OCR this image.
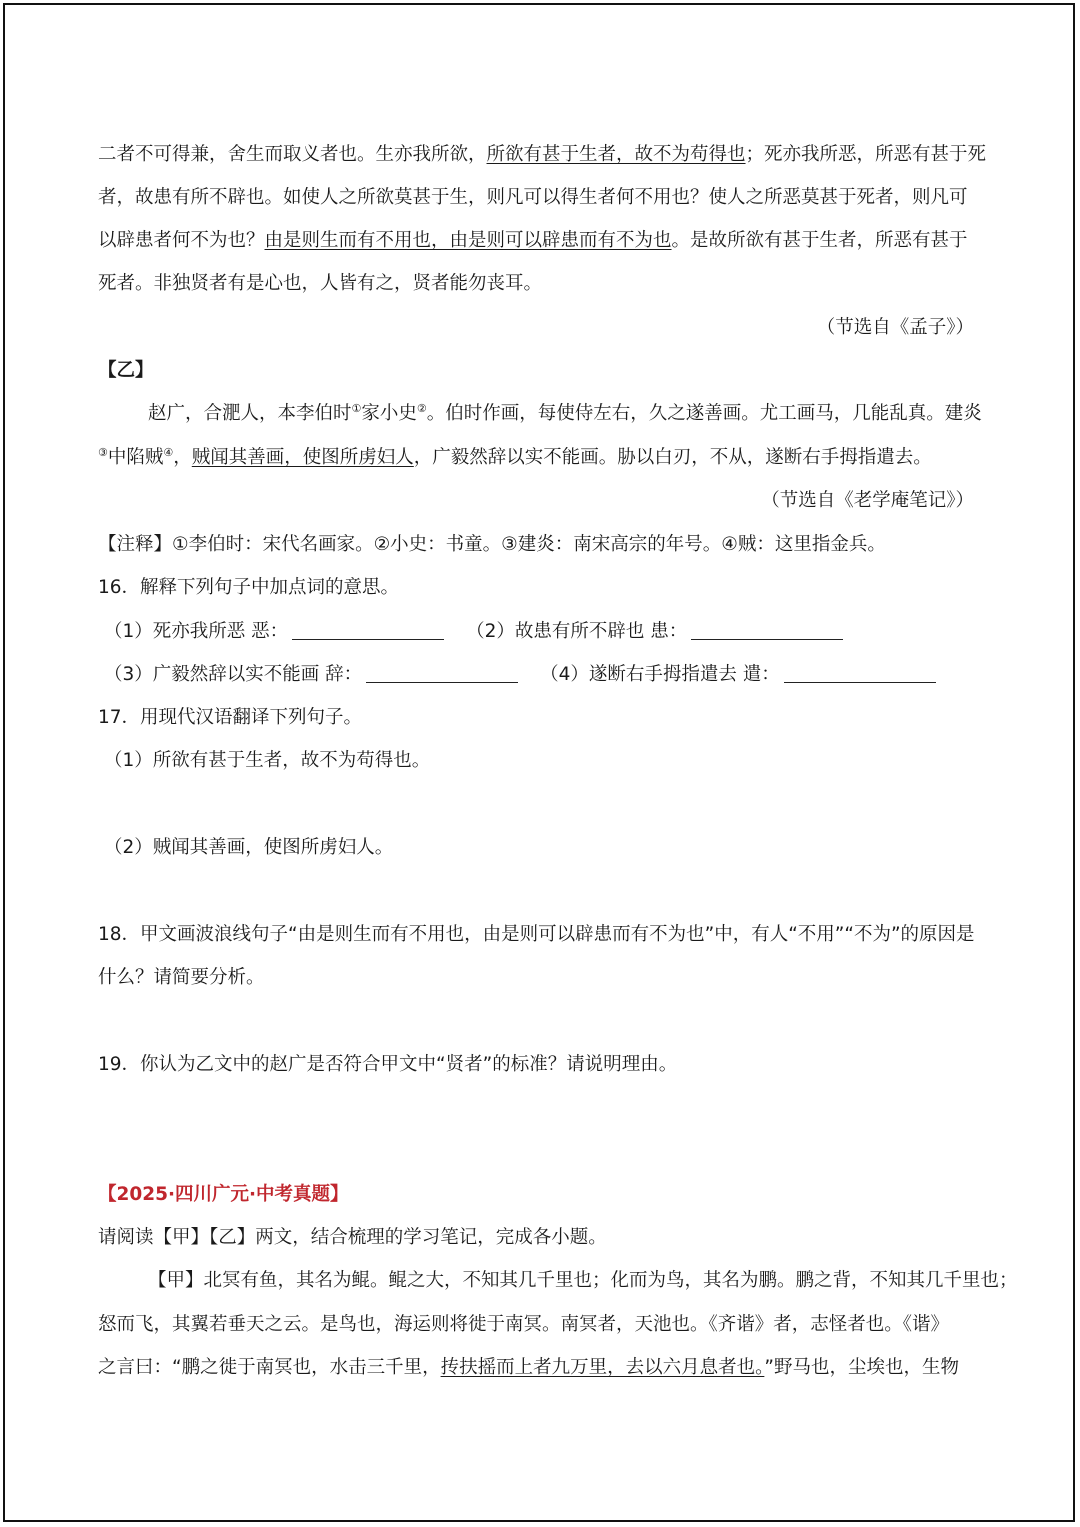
二者不可得兼，舍生而取义者也。生亦我所欲，所欲有甚于生者，故不为苟得也；死亦我所恶，所恶有甚于死
者，故患有所不辟也。如使人之所欲莫甚于生，则凡可以得生者何不用也？使人之所恶莫甚于死者，则凡可
以辟患者何不为也？由是则生而有不用也，由是则可以辟患而有不为也。是故所欲有甚于生者，所恶有甚于
死者。非独贤者有是心也，人皆有之，贤者能勿丧耳。
（节选自《孟子》）
【乙】
赵广，合淝人，本李伯时①家小史②。伯时作画，每使侍左右，久之遂善画。尤工画马，几能乱真。建炎
③中陷贼④，贼闻其善画，使图所虏妇人，广毅然辞以实不能画。胁以白刃，不从，遂断右手拇指遣去。
（节选自《老学庵笔记》）
【注释】①李伯时：宋代名画家。②小史：书童。③建炎：南宋高宗的年号。④贼：这里指金兵。
16．解释下列句子中加点词的意思。
（1）死亦我所恶 恶：	（2）故患有所不辟也 患：
（3）广毅然辞以实不能画 辞：	（4）遂断右手拇指遣去 遣：
17．用现代汉语翻译下列句子。
（1）所欲有甚于生者，故不为苟得也。
（2）贼闻其善画，使图所虏妇人。
18．甲文画波浪线句子“由是则生而有不用也，由是则可以辟患而有不为也”中，有人“不用”“不为”的原因是
什么？请简要分析。
19．你认为乙文中的赵广是否符合甲文中“贤者”的标准？请说明理由。
【2025·四川广元·中考真题】
请阅读【甲】【乙】两文，结合梳理的学习笔记，完成各小题。
【甲】北冥有鱼，其名为鲲。鲲之大，不知其几千里也；化而为鸟，其名为鹏。鹏之背，不知其几千里也；
怒而飞，其翼若垂天之云。是鸟也，海运则将徙于南冥。南冥者，天池也。《齐谐》者，志怪者也。《谐》
之言曰：“鹏之徙于南冥也，水击三千里，抟扶摇而上者九万里，去以六月息者也。”野马也，尘埃也，生物
